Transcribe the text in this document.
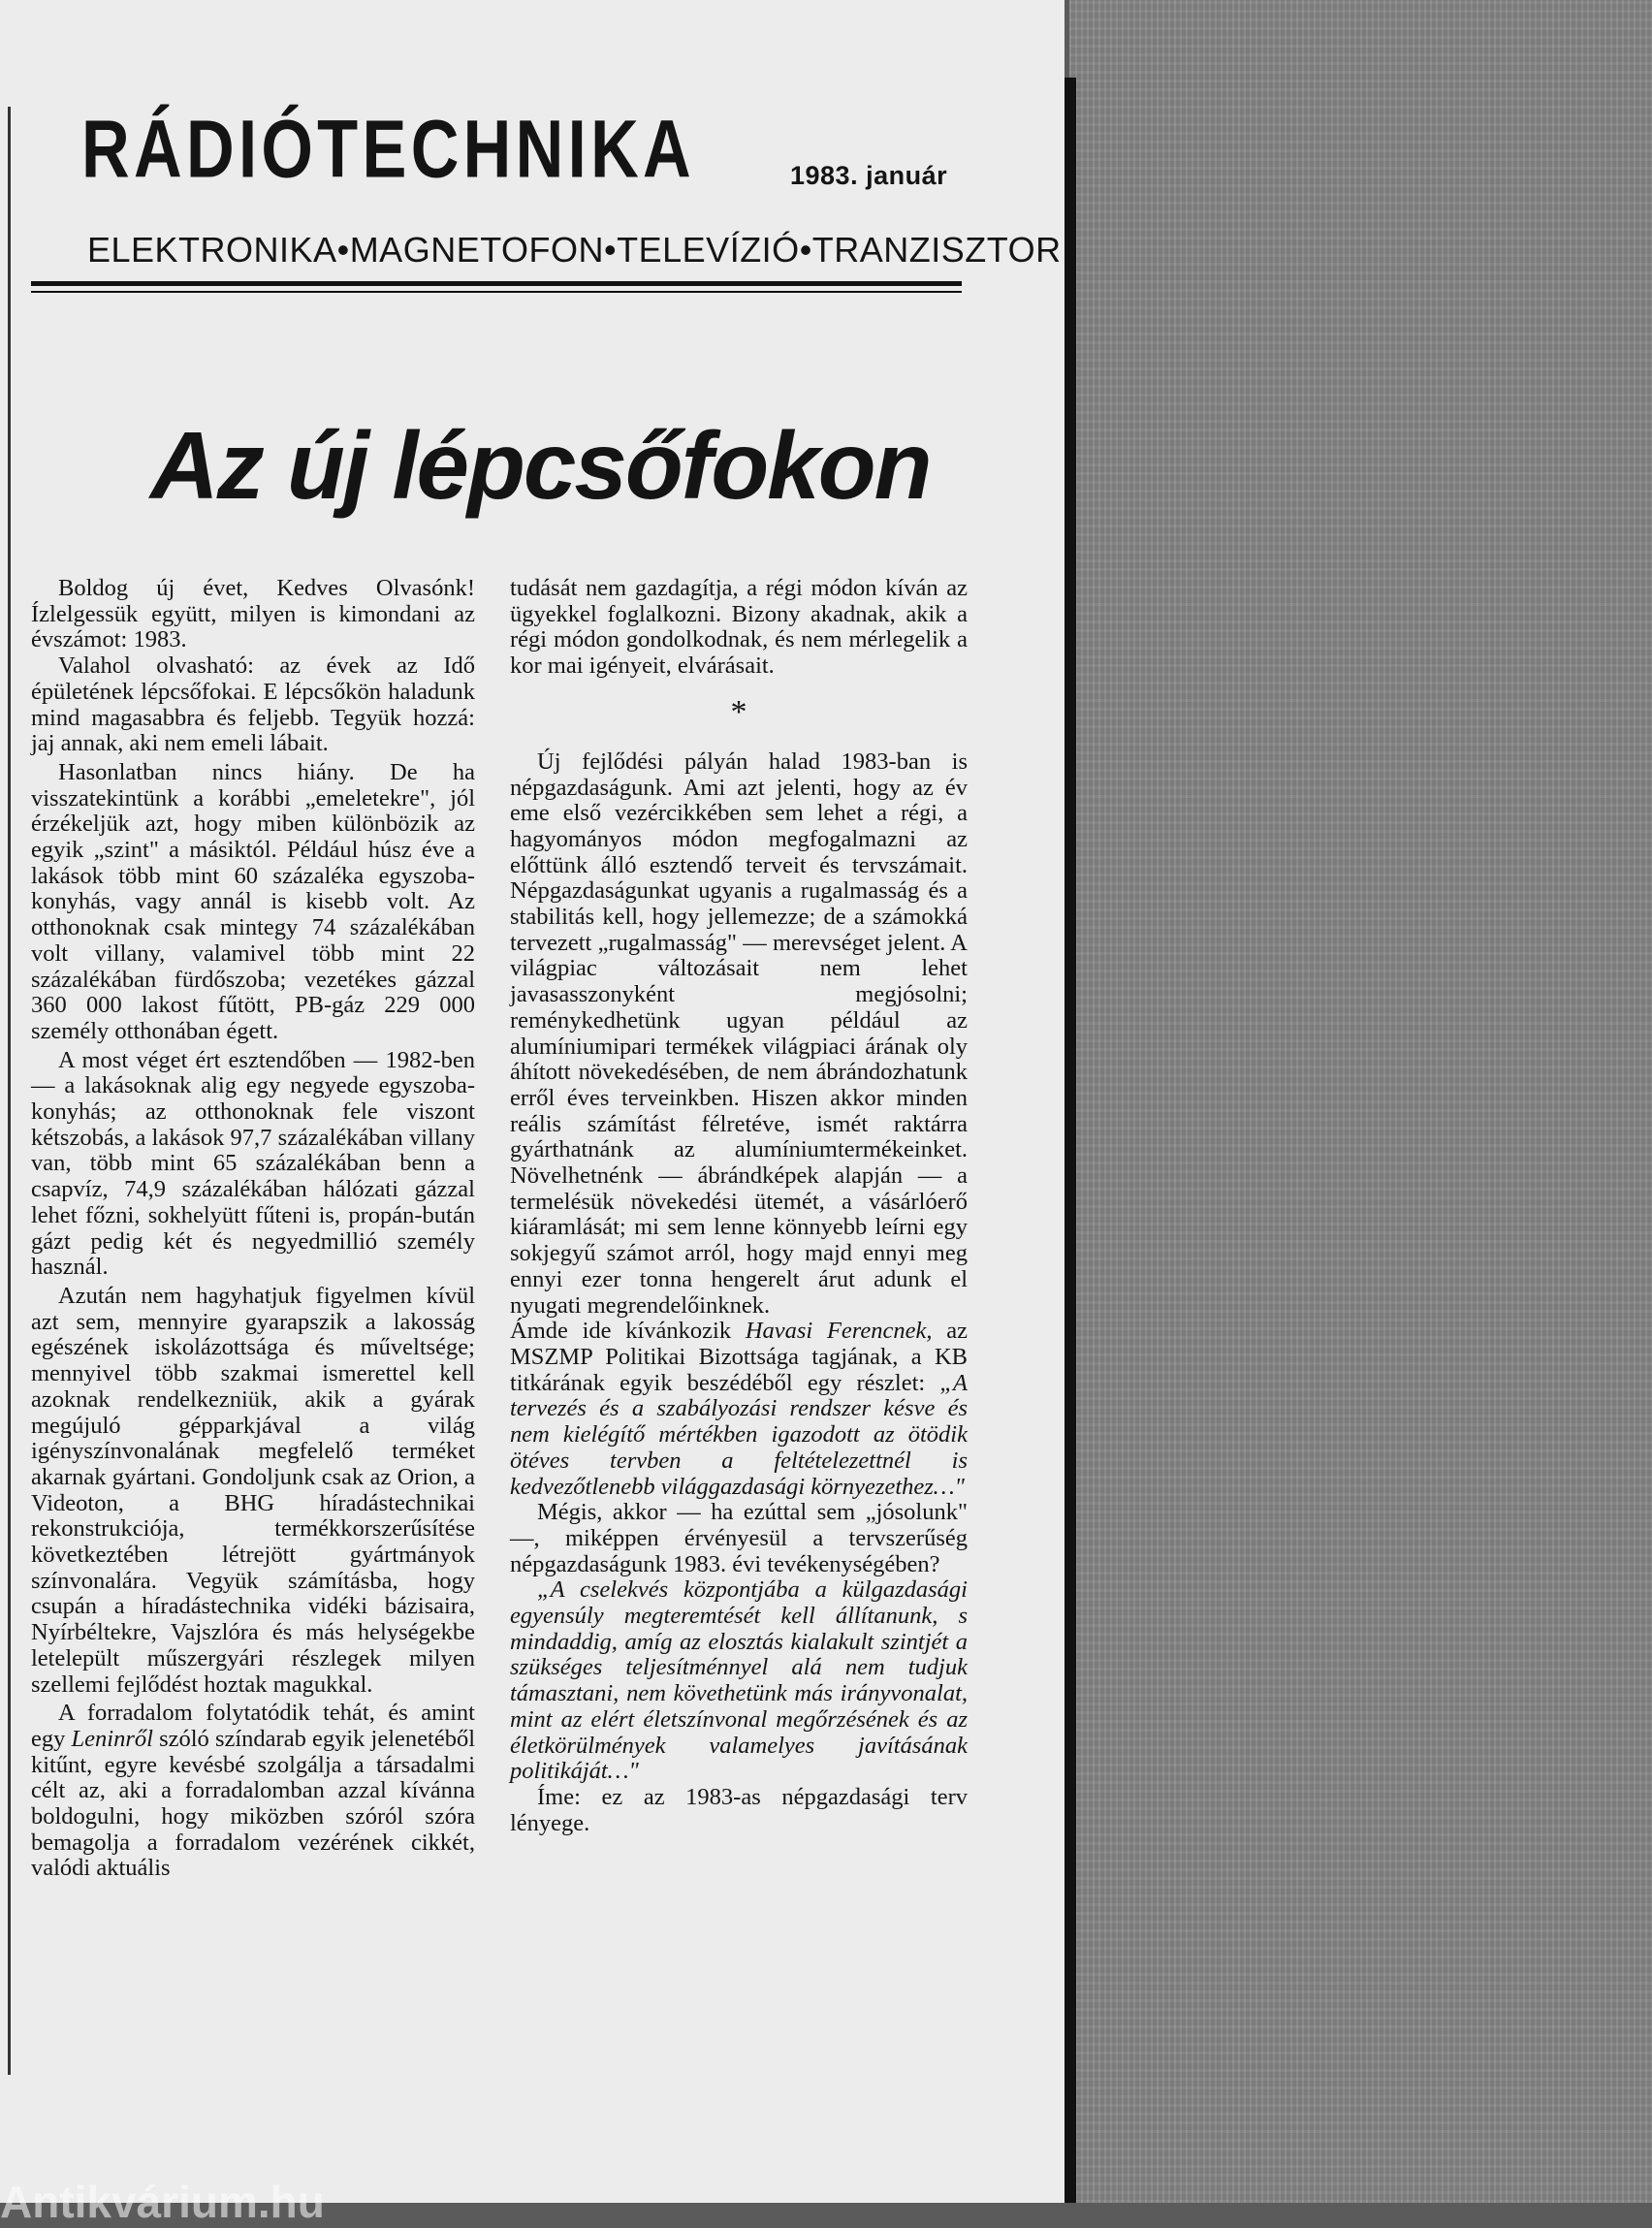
RÁDIÓTECHNIKA	1983. január
ELEKTRONIKA • MAGNETOFON • TELEVÍZIÓ • TRANZISZTOR
Az új lépcsőfokon

Boldog új évet, Kedves Olvasónk! Ízlelgessük együtt, milyen is kimondani az évszámot: 1983.

Valahol olvasható: az évek az Idő épületének lépcsőfokai. E lépcsőkön haladunk mind magasabbra és feljebb. Tegyük hozzá: jaj annak, aki nem emeli lábait.

Hasonlatban nincs hiány. De ha visszatekintünk a korábbi „emeletekre", jól érzékeljük azt, hogy miben különbözik az egyik „szint" a másiktól. Például húsz éve a lakások több mint 60 százaléka egyszoba-konyhás, vagy annál is kisebb volt. Az otthonoknak csak mintegy 74 százalékában volt villany, valamivel több mint 22 százalékában fürdőszoba; vezetékes gázzal 360 000 lakost fűtött, PB-gáz 229 000 személy otthonában égett.

A most véget ért esztendőben — 1982-ben — a lakásoknak alig egy negyede egyszoba-konyhás; az otthonoknak fele viszont kétszobás, a lakások 97,7 százalékában villany van, több mint 65 százalékában benn a csapvíz, 74,9 százalékában hálózati gázzal lehet főzni, sokhelyütt fűteni is, propán-bután gázt pedig két és negyedmillió személy használ.

Azután nem hagyhatjuk figyelmen kívül azt sem, mennyire gyarapszik a lakosság egészének iskolázottsága és műveltsége; mennyivel több szakmai ismerettel kell azoknak rendelkezniük, akik a gyárak megújuló gépparkjával a világ igényszínvonalának megfelelő terméket akarnak gyártani. Gondoljunk csak az Orion, a Videoton, a BHG híradástechnikai rekonstrukciója, termékkorszerűsítése következtében létrejött gyártmányok színvonalára. Vegyük számításba, hogy csupán a híradástechnika vidéki bázisaira, Nyírbéltekre, Vajszlóra és más helységekbe letelepült műszergyári részlegek milyen szellemi fejlődést hoztak magukkal.

A forradalom folytatódik tehát, és amint egy Leninről szóló színdarab egyik jelenetéből kitűnt, egyre kevésbé szolgálja a társadalmi célt az, aki a forradalomban azzal kívánna boldogulni, hogy miközben szóról szóra bemagolja a forradalom vezérének cikkét, valódi aktuális

tudását nem gazdagítja, a régi módon kíván az ügyekkel foglalkozni. Bizony akadnak, akik a régi módon gondolkodnak, és nem mérlegelik a kor mai igényeit, elvárásait.

*

Új fejlődési pályán halad 1983-ban is népgazdaságunk. Ami azt jelenti, hogy az év eme első vezércikkében sem lehet a régi, a hagyományos módon megfogalmazni az előttünk álló esztendő terveit és tervszámait. Népgazdaságunkat ugyanis a rugalmasság és a stabilitás kell, hogy jellemezze; de a számokká tervezett „rugalmasság" — merevséget jelent. A világpiac változásait nem lehet javasasszonyként megjósolni; reménykedhetünk ugyan például az alumíniumipari termékek világpiaci árának oly áhított növekedésében, de nem ábrándozhatunk erről éves terveinkben. Hiszen akkor minden reális számítást félretéve, ismét raktárra gyárthatnánk az alumíniumtermékeinket. Növelhetnénk — ábrándképek alapján — a termelésük növekedési ütemét, a vásárlóerő kiáramlását; mi sem lenne könnyebb leírni egy sokjegyű számot arról, hogy majd ennyi meg ennyi ezer tonna hengerelt árut adunk el nyugati megrendelőinknek.

Ámde ide kívánkozik Havasi Ferencnek, az MSZMP Politikai Bizottsága tagjának, a KB titkárának egyik beszédéből egy részlet: „A tervezés és a szabályozási rendszer késve és nem kielégítő mértékben igazodott az ötödik ötéves tervben a feltételezettnél is kedvezőtlenebb világgazdasági környezethez…"

Mégis, akkor — ha ezúttal sem „jósolunk" —, miképpen érvényesül a tervszerűség népgazdaságunk 1983. évi tevékenységében?

„A cselekvés központjába a külgazdasági egyensúly megteremtését kell állítanunk, s mindaddig, amíg az elosztás kialakult szintjét a szükséges teljesítménnyel alá nem tudjuk támasztani, nem követhetünk más irányvonalat, mint az elért életszínvonal megőrzésének és az életkörülmények valamelyes javításának politikáját…"

Íme: ez az 1983-as népgazdasági terv lényege.

Antikvárium.hu
